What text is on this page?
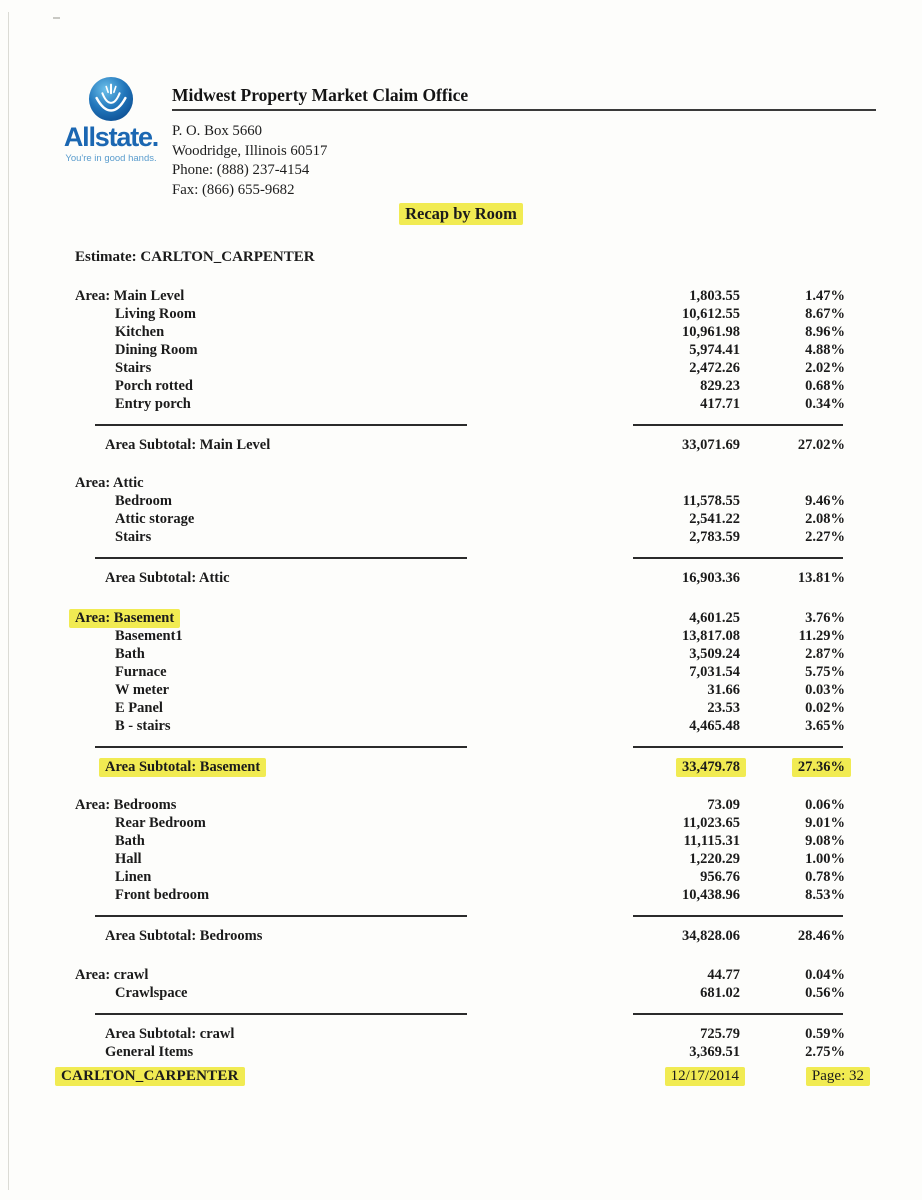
Allstate.
You're in good hands.
Midwest Property Market Claim Office
P. O. Box 5660
Woodridge, Illinois 60517
Phone: (888) 237-4154
Fax: (866) 655-9682
Recap by Room
Estimate: CARLTON_CARPENTER
Area: Main Level	1,803.55	1.47%
Living Room	10,612.55	8.67%
Kitchen	10,961.98	8.96%
Dining Room	5,974.41	4.88%
Stairs	2,472.26	2.02%
Porch rotted	829.23	0.68%
Entry porch	417.71	0.34%
Area Subtotal: Main Level	33,071.69	27.02%
Area: Attic
Bedroom	11,578.55	9.46%
Attic storage	2,541.22	2.08%
Stairs	2,783.59	2.27%
Area Subtotal: Attic	16,903.36	13.81%
Area: Basement	4,601.25	3.76%
Basement1	13,817.08	11.29%
Bath	3,509.24	2.87%
Furnace	7,031.54	5.75%
W meter	31.66	0.03%
E Panel	23.53	0.02%
B - stairs	4,465.48	3.65%
Area Subtotal: Basement	33,479.78	27.36%
Area: Bedrooms	73.09	0.06%
Rear Bedroom	11,023.65	9.01%
Bath	11,115.31	9.08%
Hall	1,220.29	1.00%
Linen	956.76	0.78%
Front bedroom	10,438.96	8.53%
Area Subtotal: Bedrooms	34,828.06	28.46%
Area: crawl	44.77	0.04%
Crawlspace	681.02	0.56%
Area Subtotal: crawl	725.79	0.59%
General Items	3,369.51	2.75%
CARLTON_CARPENTER	12/17/2014	Page: 32
